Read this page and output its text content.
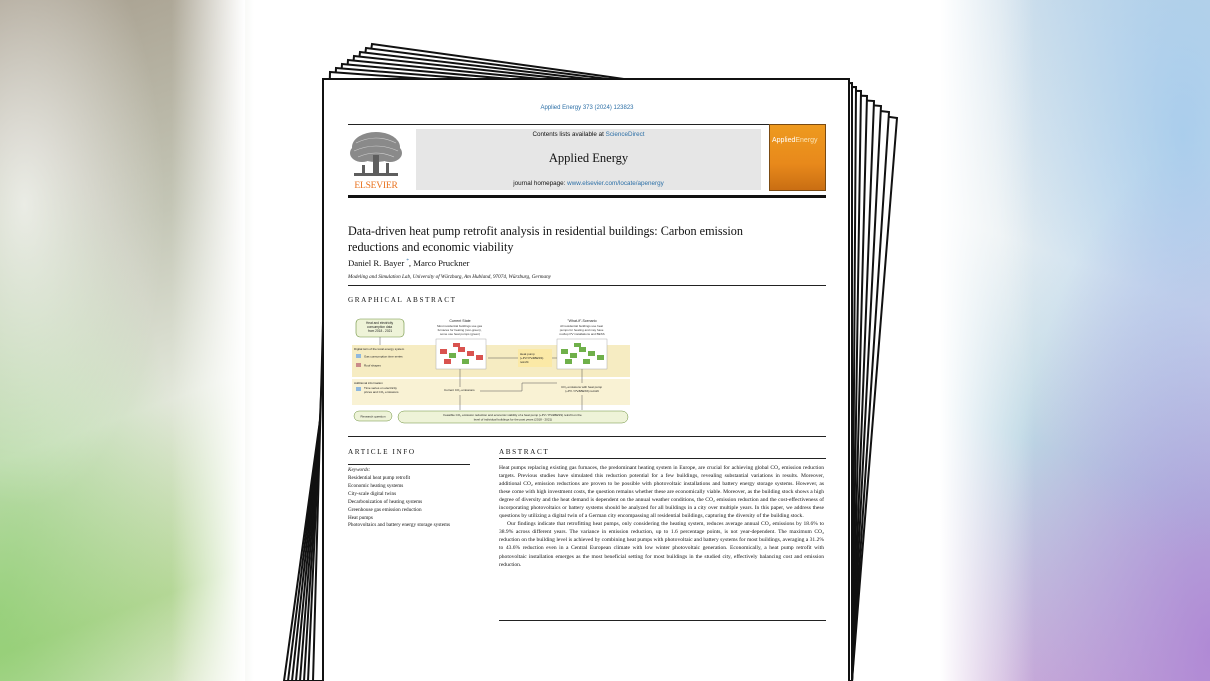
Applied Energy 373 (2024) 123823
ELSEVIER
Contents lists available at ScienceDirect
Applied Energy
journal homepage: www.elsevier.com/locate/apenergy
AppliedEnergy
Data-driven heat pump retrofit analysis in residential buildings: Carbon emission reductions and economic viability
Daniel R. Bayer *, Marco Pruckner
Modeling and Simulation Lab, University of Würzburg, Am Hubland, 97074, Würzburg, Germany
GRAPHICAL ABSTRACT
Heat and electricity consumption data from 2018 - 2021
Current State
Most residential buildings use gas furnaces for heating (non-green), some use heat pumps (green)
"What-if"-Scenario
All residential buildings use heat pumps for heating and may have rooftop PV installations and BESS
Digital twin of the local energy system
Gas consumption time series
Roof shapes
Heat pump (+PV/ PV&BESS) retrofit
Additional information
Time series on electricity prices and CO₂ emissions	Current CO₂ emissions
CO₂ emissions with heat pump (+PV / PV&BESS) retrofit
Research question	Feasible CO₂ emission reduction and economic viability of a heat pump (+PV / PV&BESS) retrofit on the level of individual buildings for the past years (2018 - 2021)
ARTICLE INFO
Keywords:
Residential heat pump retrofit
Economic heating systems
City-scale digital twins
Decarbonization of heating systems
Greenhouse gas emission reduction
Heat pumps
Photovoltaics and battery energy storage systems
ABSTRACT

Heat pumps replacing existing gas furnaces, the predominant heating system in Europe, are crucial for achieving global CO₂ emission reduction targets. Previous studies have simulated this reduction potential for a few buildings, revealing substantial variations in results. Moreover, additional CO₂ emission reductions are proven to be possible with photovoltaic installations and battery energy storage systems. However, as these come with high investment costs, the question remains whether these are economically viable. Moreover, as the building stock shows a high degree of diversity and the heat demand is dependent on the annual weather conditions, the CO₂ emission reduction and the cost-effectiveness of incorporating photovoltaics or battery systems should be analyzed for all buildings in a city over multiple years. In this paper, we address these questions by utilizing a digital twin of a German city encompassing all residential buildings, capturing the diversity of the building stock.

Our findings indicate that retrofitting heat pumps, only considering the heating system, reduces average annual CO₂ emissions by 18.6% to 38.9% across different years. The variance in emission reduction, up to 1.6 percentage points, is not year-dependent. The maximum CO₂ reduction on the building level is achieved by combining heat pumps with photovoltaic and battery systems for most buildings, averaging a 31.2% to 43.6% reduction even in a Central European climate with low winter photovoltaic generation. Economically, a heat pump retrofit with photovoltaic installation emerges as the most beneficial setting for most buildings in the studied city, effectively balancing cost and emission reduction.
